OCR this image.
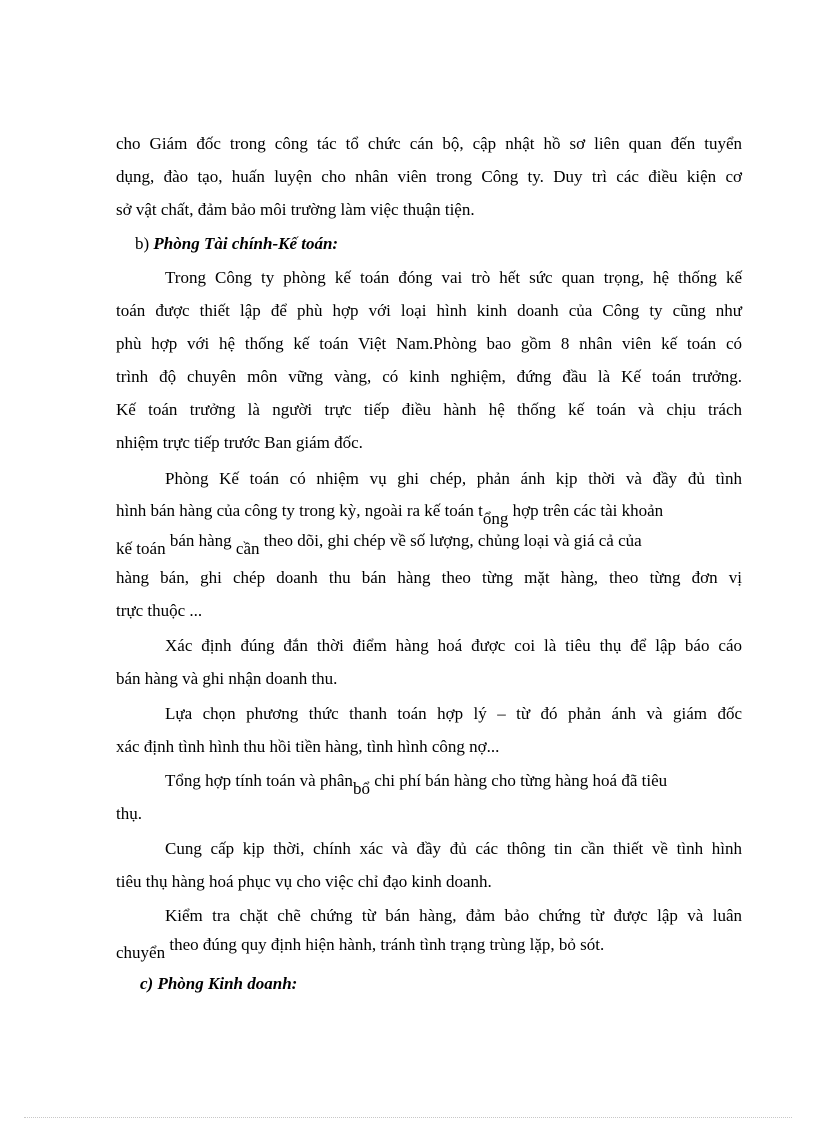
cho Giám đốc trong công tác tổ chức cán bộ, cập nhật hồ sơ liên quan đến tuyển
dụng, đào tạo, huấn luyện cho nhân viên trong Công ty. Duy trì các điều kiện cơ
sở vật chất, đảm bảo môi trường làm việc thuận tiện.
b) Phòng Tài chính-Kế toán:
Trong Công ty phòng kế toán đóng vai trò hết sức quan trọng, hệ thống kế
toán được thiết lập để phù hợp với loại hình kinh doanh của Công ty cũng như
phù hợp với hệ thống kế toán Việt Nam.Phòng bao gồm 8 nhân viên kế toán có
trình độ chuyên môn vững vàng, có kinh nghiệm, đứng đầu là Kế toán trưởng.
Kế toán trưởng là người trực tiếp điều hành hệ thống kế toán và chịu trách
nhiệm trực tiếp trước Ban giám đốc.
Phòng Kế toán có nhiệm vụ ghi chép, phản ánh kịp thời và đầy đủ tình
hình bán hàng của công ty trong kỳ, ngoài ra kế toán tổng hợp trên các tài khoản
kế toán bán hàng cần theo dõi, ghi chép về số lượng, chủng loại và giá cả của
hàng bán, ghi chép doanh thu bán hàng theo từng mặt hàng, theo từng đơn vị
trực thuộc ...
Xác định đúng đắn thời điểm hàng hoá được coi là tiêu thụ để lập báo cáo
bán hàng và ghi nhận doanh thu.
Lựa chọn phương thức thanh toán hợp lý – từ đó phản ánh và giám đốc
xác định tình hình thu hồi tiền hàng, tình hình công nợ...
Tổng hợp tính toán và phânbổ chi phí bán hàng cho từng hàng hoá đã tiêu
thụ.
Cung cấp kịp thời, chính xác và đầy đủ các thông tin cần thiết về tình hình
tiêu thụ hàng hoá phục vụ cho việc chỉ đạo kinh doanh.
Kiểm tra chặt chẽ chứng từ bán hàng, đảm bảo chứng từ được lập và luân
chuyển theo đúng quy định hiện hành, tránh tình trạng trùng lặp, bỏ sót.
c) Phòng Kinh doanh:
